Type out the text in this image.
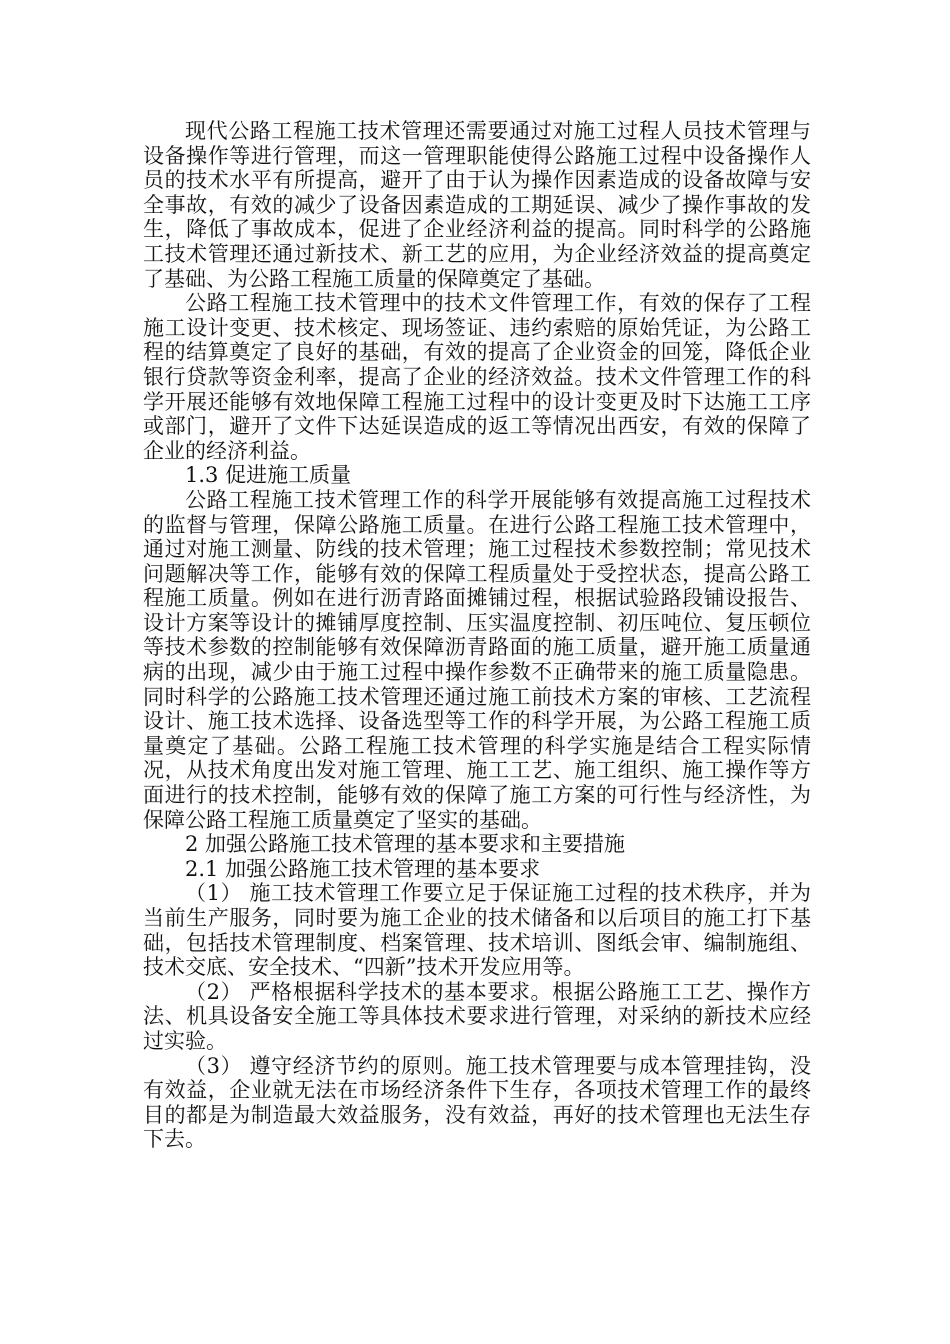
现代公路工程施工技术管理还需要通过对施工过程人员技术管理与设备操作等进行管理，而这一管理职能使得公路施工过程中设备操作人员的技术水平有所提高，避开了由于认为操作因素造成的设备故障与安全事故，有效的减少了设备因素造成的工期延误、减少了操作事故的发生，降低了事故成本，促进了企业经济利益的提高。同时科学的公路施工技术管理还通过新技术、新工艺的应用，为企业经济效益的提高奠定了基础、为公路工程施工质量的保障奠定了基础。

公路工程施工技术管理中的技术文件管理工作，有效的保存了工程施工设计变更、技术核定、现场签证、违约索赔的原始凭证，为公路工程的结算奠定了良好的基础，有效的提高了企业资金的回笼，降低企业银行贷款等资金利率，提高了企业的经济效益。技术文件管理工作的科学开展还能够有效地保障工程施工过程中的设计变更及时下达施工工序或部门，避开了文件下达延误造成的返工等情况出西安，有效的保障了企业的经济利益。

1.3 促进施工质量

公路工程施工技术管理工作的科学开展能够有效提高施工过程技术的监督与管理，保障公路施工质量。在进行公路工程施工技术管理中，通过对施工测量、防线的技术管理；施工过程技术参数控制；常见技术问题解决等工作，能够有效的保障工程质量处于受控状态，提高公路工程施工质量。例如在进行沥青路面摊铺过程，根据试验路段铺设报告、设计方案等设计的摊铺厚度控制、压实温度控制、初压吨位、复压顿位等技术参数的控制能够有效保障沥青路面的施工质量，避开施工质量通病的出现，减少由于施工过程中操作参数不正确带来的施工质量隐患。同时科学的公路施工技术管理还通过施工前技术方案的审核、工艺流程设计、施工技术选择、设备选型等工作的科学开展，为公路工程施工质量奠定了基础。公路工程施工技术管理的科学实施是结合工程实际情况，从技术角度出发对施工管理、施工工艺、施工组织、施工操作等方面进行的技术控制，能够有效的保障了施工方案的可行性与经济性，为保障公路工程施工质量奠定了坚实的基础。

2 加强公路施工技术管理的基本要求和主要措施

2.1 加强公路施工技术管理的基本要求

（1） 施工技术管理工作要立足于保证施工过程的技术秩序，并为当前生产服务，同时要为施工企业的技术储备和以后项目的施工打下基础，包括技术管理制度、档案管理、技术培训、图纸会审、编制施组、技术交底、安全技术、“四新”技术开发应用等。

（2） 严格根据科学技术的基本要求。根据公路施工工艺、操作方法、机具设备安全施工等具体技术要求进行管理，对采纳的新技术应经过实验。

（3） 遵守经济节约的原则。施工技术管理要与成本管理挂钩，没有效益，企业就无法在市场经济条件下生存，各项技术管理工作的最终目的都是为制造最大效益服务，没有效益，再好的技术管理也无法生存下去。
